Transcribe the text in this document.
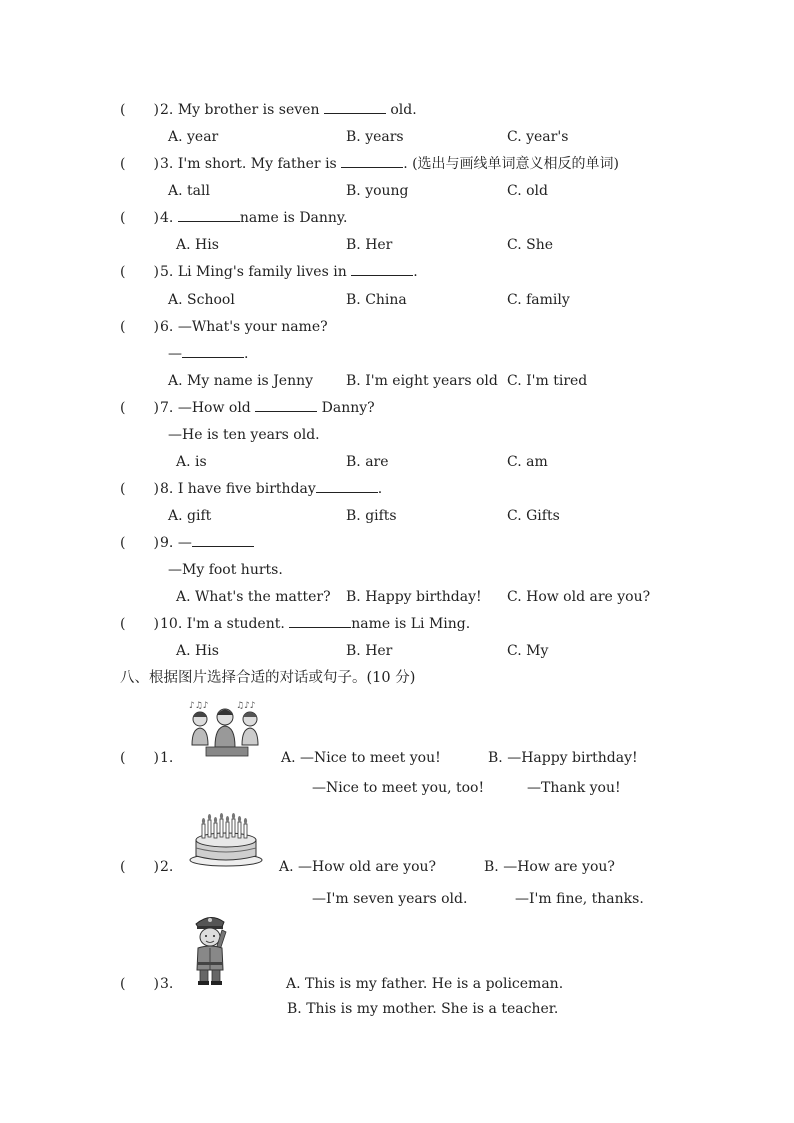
(  ) 2. My brother is seven	old.
A. year	B. years	C. year's
(  ) 3. I'm short. My father is	. (选出与画线单词意义相反的单词)
A. tall	B. young	C. old
(  ) 4.	name is Danny.
A. His	B. Her	C. She
(  ) 5. Li Ming's family lives in	.
A. School	B. China	C. family
(  ) 6. —What's your name?
—	.
A. My name is Jenny B. I'm eight years old C. I'm tired
(  ) 7. —How old	Danny?
—He is ten years old.
A. is	B. are	C. am
(  ) 8. I have five birthday	.
A. gift	B. gifts	C. Gifts
(  ) 9. —
—My foot hurts.
A. What's the matter? B. Happy birthday! C. How old are you?
(  ) 10. I'm a student.	name is Li Ming.
A. His	B. Her	C. My
八、根据图片选择合适的对话或句子。(10 分)
♪♫♪	♫♪♪
(  ) 1.	A. —Nice to meet you!	B. —Happy birthday!
—Nice to meet you, too!	—Thank you!
(  ) 2.	A. —How old are you?	B. —How are you?
—I'm seven years old.	—I'm fine, thanks.
(  ) 3.	A. This is my father. He is a policeman.
B. This is my mother. She is a teacher.
